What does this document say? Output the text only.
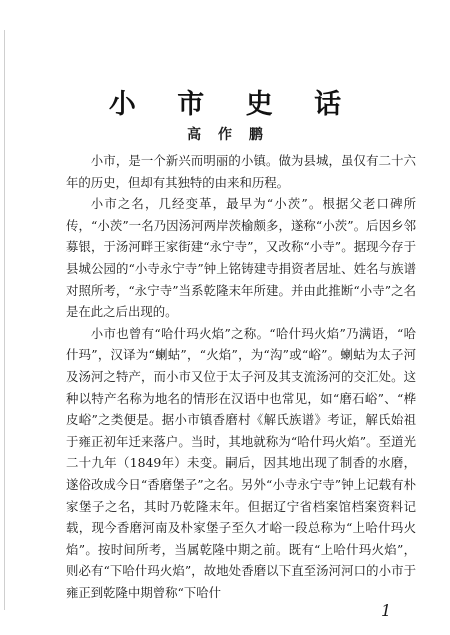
小 市 史 话
高 作 鹏

小市，是一个新兴而明丽的小镇。做为县城，虽仅有二十六年的历史，但却有其独特的由来和历程。

小市之名，几经变革，最早为“小茨”。根据父老口碑所传，“小茨”一名乃因汤河两岸茨榆颇多，遂称“小茨”。后因乡邻募银，于汤河畔王家街建“永宁寺”，又改称“小寺”。据现今存于县城公园的“小寺永宁寺”钟上铭铸建寺捐资者居址、姓名与族谱对照所考，“永宁寺”当系乾隆末年所建。并由此推断“小寺”之名是在此之后出现的。

小市也曾有“哈什玛火焰”之称。“哈什玛火焰”乃满语，“哈什玛”，汉译为“蝲蛄”，“火焰”，为“沟”或“峪”。蝲蛄为太子河及汤河之特产，而小市又位于太子河及其支流汤河的交汇处。这种以特产名称为地名的情形在汉语中也常见，如“磨石峪”、“桦皮峪”之类便是。据小市镇香磨村《解氏族谱》考证，解氏始祖于雍正初年迁来落户。当时，其地就称为“哈什玛火焰”。至道光二十九年（1849年）未变。嗣后，因其地出现了制香的水磨，遂俗改成今日“香磨堡子”之名。另外“小寺永宁寺”钟上记载有朴家堡子之名，其时乃乾隆末年。但据辽宁省档案馆档案资料记载，现今香磨河南及朴家堡子至久才峪一段总称为“上哈什玛火焰”。按时间所考，当属乾隆中期之前。既有“上哈什玛火焰”，则必有“下哈什玛火焰”，故地处香磨以下直至汤河河口的小市于雍正到乾隆中期曾称“下哈什

1
